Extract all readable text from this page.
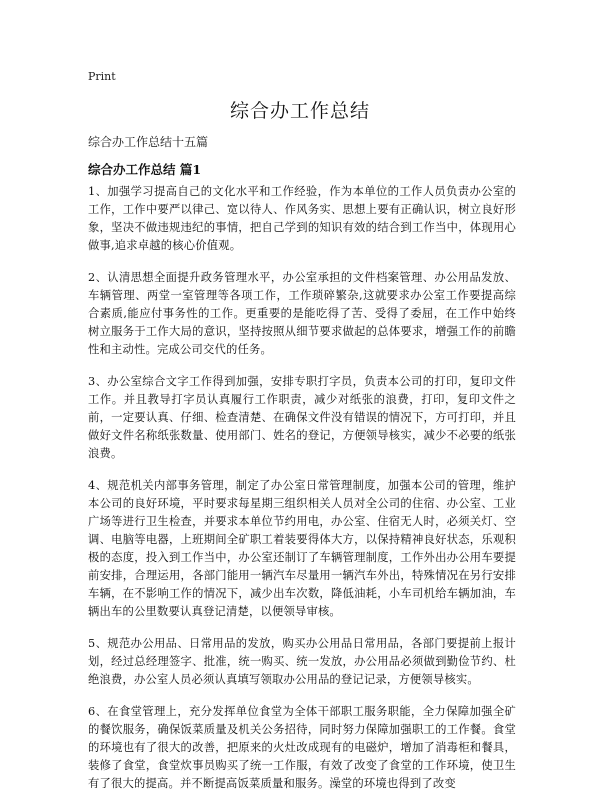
Print
综合办工作总结
综合办工作总结十五篇
综合办工作总结 篇1

1、加强学习提高自己的文化水平和工作经验，作为本单位的工作人员负责办公室的工作，工作中要严以律己、宽以待人、作风务实、思想上要有正确认识，树立良好形象，坚决不做违规违纪的事情，把自己学到的知识有效的结合到工作当中，体现用心做事,追求卓越的核心价值观。

2、认清思想全面提升政务管理水平，办公室承担的文件档案管理、办公用品发放、车辆管理、两堂一室管理等各项工作，工作琐碎繁杂,这就要求办公室工作要提高综合素质,能应付事务性的工作。更重要的是能吃得了苦、受得了委屈，在工作中始终树立服务于工作大局的意识，坚持按照从细节要求做起的总体要求，增强工作的前瞻性和主动性。完成公司交代的任务。

3、办公室综合文字工作得到加强，安排专职打字员，负责本公司的打印，复印文件工作。并且教导打字员认真履行工作职责，减少对纸张的浪费，打印，复印文件之前，一定要认真、仔细、检查清楚、在确保文件没有错误的情况下，方可打印，并且做好文件名称纸张数量、使用部门、姓名的登记，方便领导核实，减少不必要的纸张浪费。

4、规范机关内部事务管理，制定了办公室日常管理制度，加强本公司的管理，维护本公司的良好环境，平时要求每星期三组织相关人员对全公司的住宿、办公室、工业广场等进行卫生检查，并要求本单位节约用电，办公室、住宿无人时，必须关灯、空调、电脑等电器，上班期间全矿职工着装要得体大方，以保持精神良好状态，乐观积极的态度，投入到工作当中，办公室还制订了车辆管理制度，工作外出办公用车要提前安排，合理运用，各部门能用一辆汽车尽量用一辆汽车外出，特殊情况在另行安排车辆，在不影响工作的情况下，减少出车次数，降低油耗，小车司机给车辆加油，车辆出车的公里数要认真登记清楚，以便领导审核。

5、规范办公用品、日常用品的发放，购买办公用品日常用品，各部门要提前上报计划，经过总经理签字、批准，统一购买、统一发放，办公用品必须做到勤俭节约、杜绝浪费，办公室人员必须认真填写领取办公用品的登记记录，方便领导核实。

6、在食堂管理上，充分发挥单位食堂为全体干部职工服务职能，全力保障加强全矿的餐饮服务，确保饭菜质量及机关公务招待，同时努力保障加强职工的工作餐。食堂的环境也有了很大的改善，把原来的火灶改成现有的电磁炉，增加了消毒柜和餐具，装修了食堂，食堂炊事员购买了统一工作服，有效了改变了食堂的工作环境，使卫生有了很大的提高。并不断提高饭菜质量和服务。澡堂的环境也得到了改变
